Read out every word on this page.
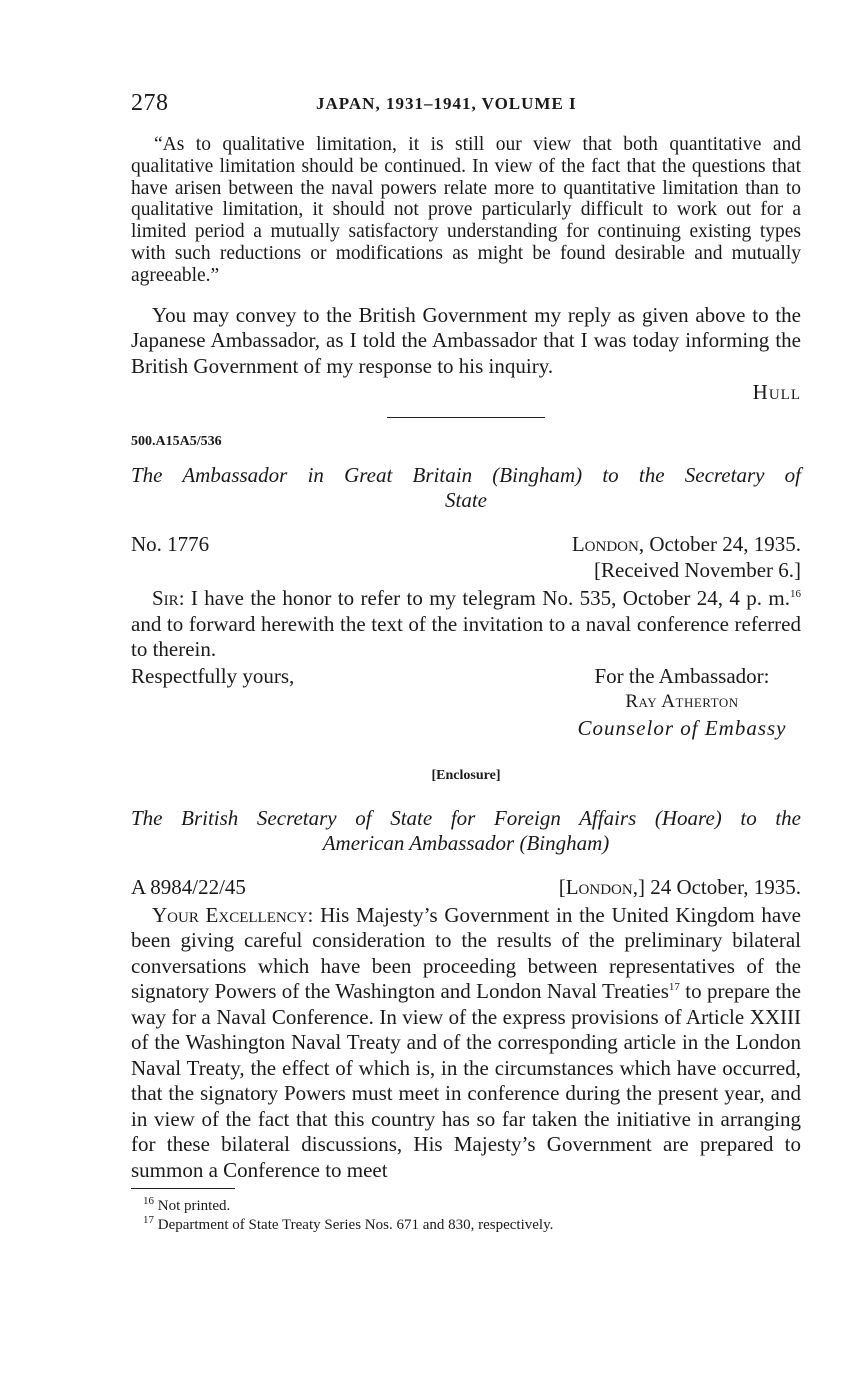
278	JAPAN, 1931–1941, VOLUME I

“As to qualitative limitation, it is still our view that both quantitative and qualitative limitation should be continued. In view of the fact that the questions that have arisen between the naval powers relate more to quantitative limitation than to qualitative limitation, it should not prove particularly difficult to work out for a limited period a mutually satisfactory understanding for continuing existing types with such reductions or modifications as might be found desirable and mutually agreeable.”

You may convey to the British Government my reply as given above to the Japanese Ambassador, as I told the Ambassador that I was today informing the British Government of my response to his inquiry.

Hull
500.A15A5/536
The Ambassador in Great Britain (Bingham) to the Secretary of
State
No. 1776	London, October 24, 1935.
[Received November 6.]

Sir: I have the honor to refer to my telegram No. 535, October 24, 4 p. m.$^{16}$ and to forward herewith the text of the invitation to a naval conference referred to therein.

Respectfully yours,	For the Ambassador:
Ray Atherton
Counselor of Embassy
[Enclosure]
The British Secretary of State for Foreign Affairs (Hoare) to the
American Ambassador (Bingham)
A 8984/22/45	[London,] 24 October, 1935.

Your Excellency: His Majesty’s Government in the United Kingdom have been giving careful consideration to the results of the preliminary bilateral conversations which have been proceeding between representatives of the signatory Powers of the Washington and London Naval Treaties$^{17}$ to prepare the way for a Naval Conference. In view of the express provisions of Article XXIII of the Washington Naval Treaty and of the corresponding article in the London Naval Treaty, the effect of which is, in the circumstances which have occurred, that the signatory Powers must meet in conference during the present year, and in view of the fact that this country has so far taken the initiative in arranging for these bilateral discussions, His Majesty’s Government are prepared to summon a Conference to meet

$^{16}$ Not printed.
$^{17}$ Department of State Treaty Series Nos. 671 and 830, respectively.
